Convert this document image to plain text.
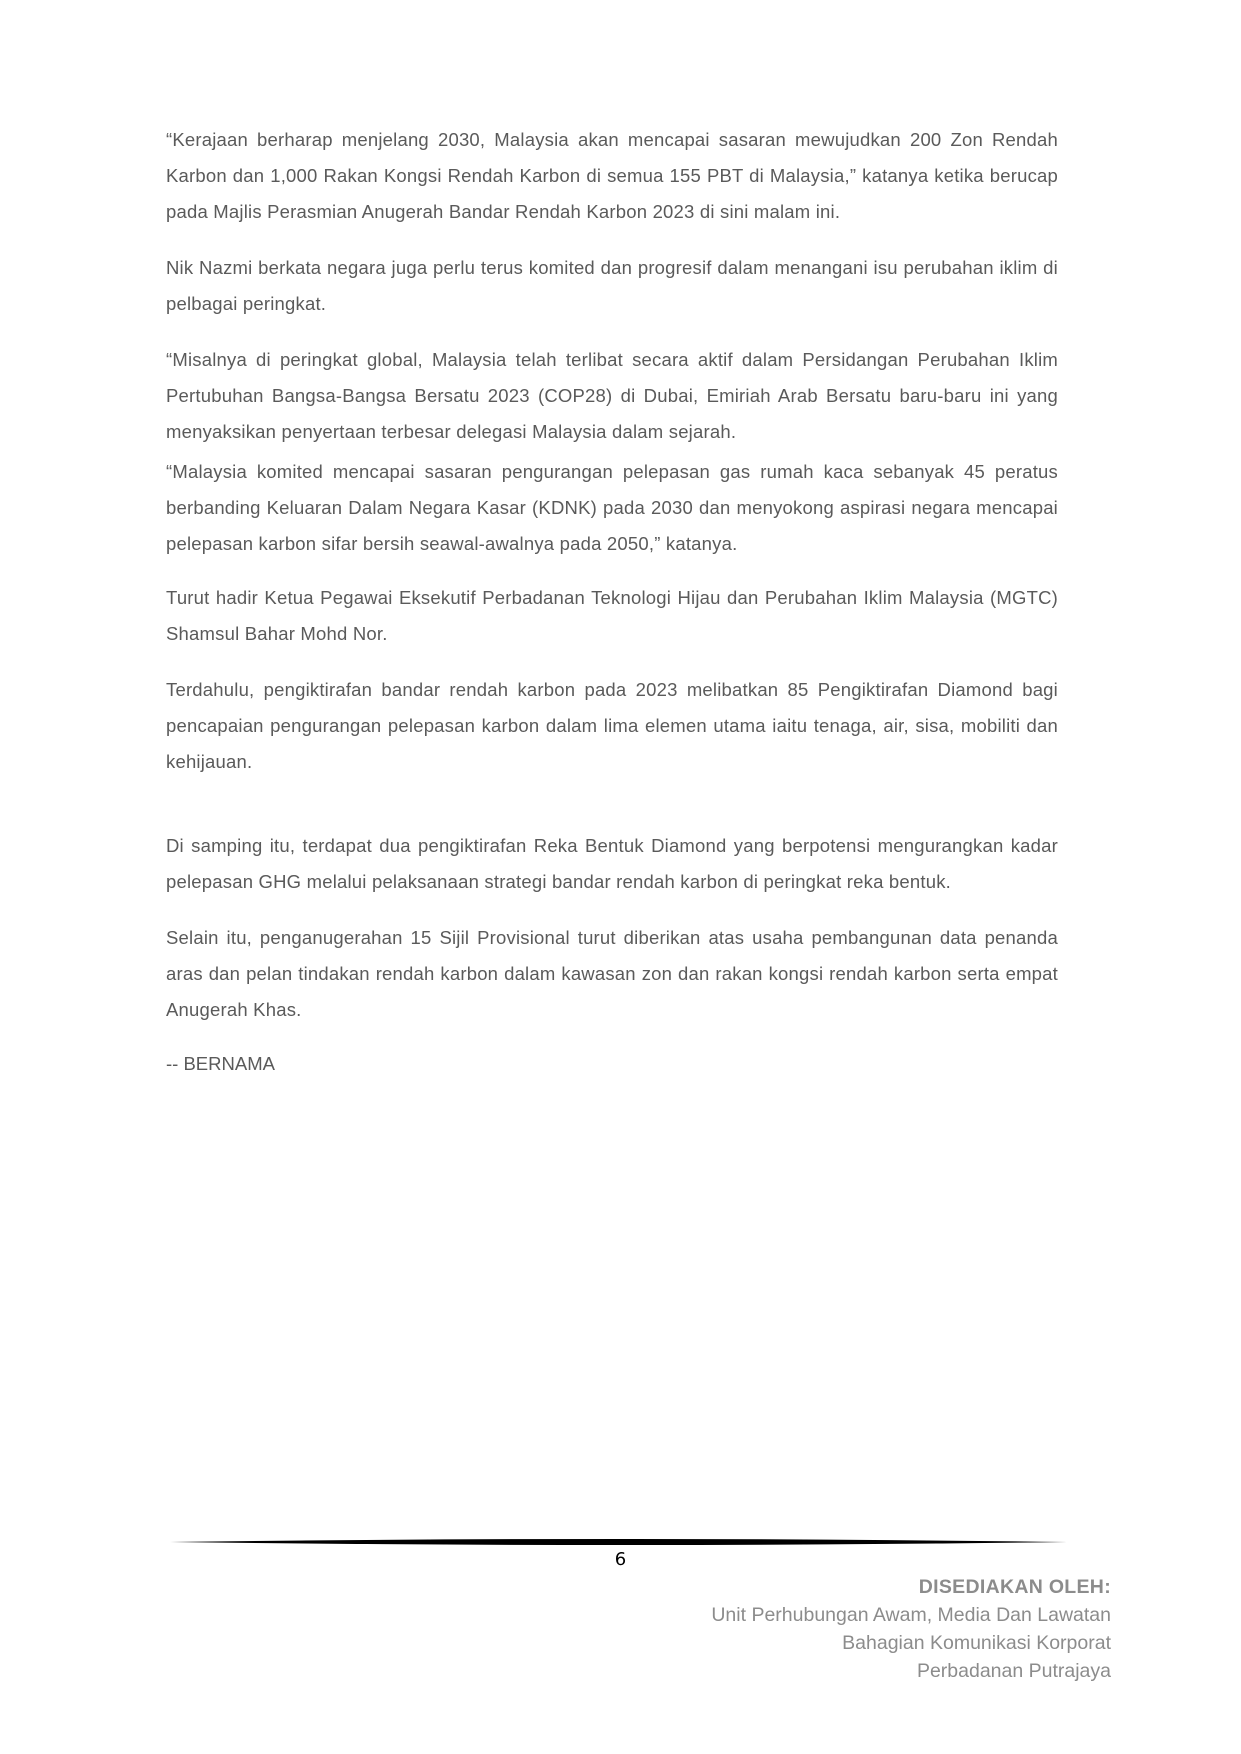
“Kerajaan berharap menjelang 2030, Malaysia akan mencapai sasaran mewujudkan 200 Zon Rendah Karbon dan 1,000 Rakan Kongsi Rendah Karbon di semua 155 PBT di Malaysia,” katanya ketika berucap pada Majlis Perasmian Anugerah Bandar Rendah Karbon 2023 di sini malam ini.

Nik Nazmi berkata negara juga perlu terus komited dan progresif dalam menangani isu perubahan iklim di pelbagai peringkat.

“Misalnya di peringkat global, Malaysia telah terlibat secara aktif dalam Persidangan Perubahan Iklim Pertubuhan Bangsa-Bangsa Bersatu 2023 (COP28) di Dubai, Emiriah Arab Bersatu baru-baru ini yang menyaksikan penyertaan terbesar delegasi Malaysia dalam sejarah.

“Malaysia komited mencapai sasaran pengurangan pelepasan gas rumah kaca sebanyak 45 peratus berbanding Keluaran Dalam Negara Kasar (KDNK) pada 2030 dan menyokong aspirasi negara mencapai pelepasan karbon sifar bersih seawal-awalnya pada 2050,” katanya.

Turut hadir Ketua Pegawai Eksekutif Perbadanan Teknologi Hijau dan Perubahan Iklim Malaysia (MGTC) Shamsul Bahar Mohd Nor.

Terdahulu, pengiktirafan bandar rendah karbon pada 2023 melibatkan 85 Pengiktirafan Diamond bagi pencapaian pengurangan pelepasan karbon dalam lima elemen utama iaitu tenaga, air, sisa, mobiliti dan kehijauan.

Di samping itu, terdapat dua pengiktirafan Reka Bentuk Diamond yang berpotensi mengurangkan kadar pelepasan GHG melalui pelaksanaan strategi bandar rendah karbon di peringkat reka bentuk.

Selain itu, penganugerahan 15 Sijil Provisional turut diberikan atas usaha pembangunan data penanda aras dan pelan tindakan rendah karbon dalam kawasan zon dan rakan kongsi rendah karbon serta empat Anugerah Khas.

-- BERNAMA

6
DISEDIAKAN OLEH:
Unit Perhubungan Awam, Media Dan Lawatan
Bahagian Komunikasi Korporat
Perbadanan Putrajaya
